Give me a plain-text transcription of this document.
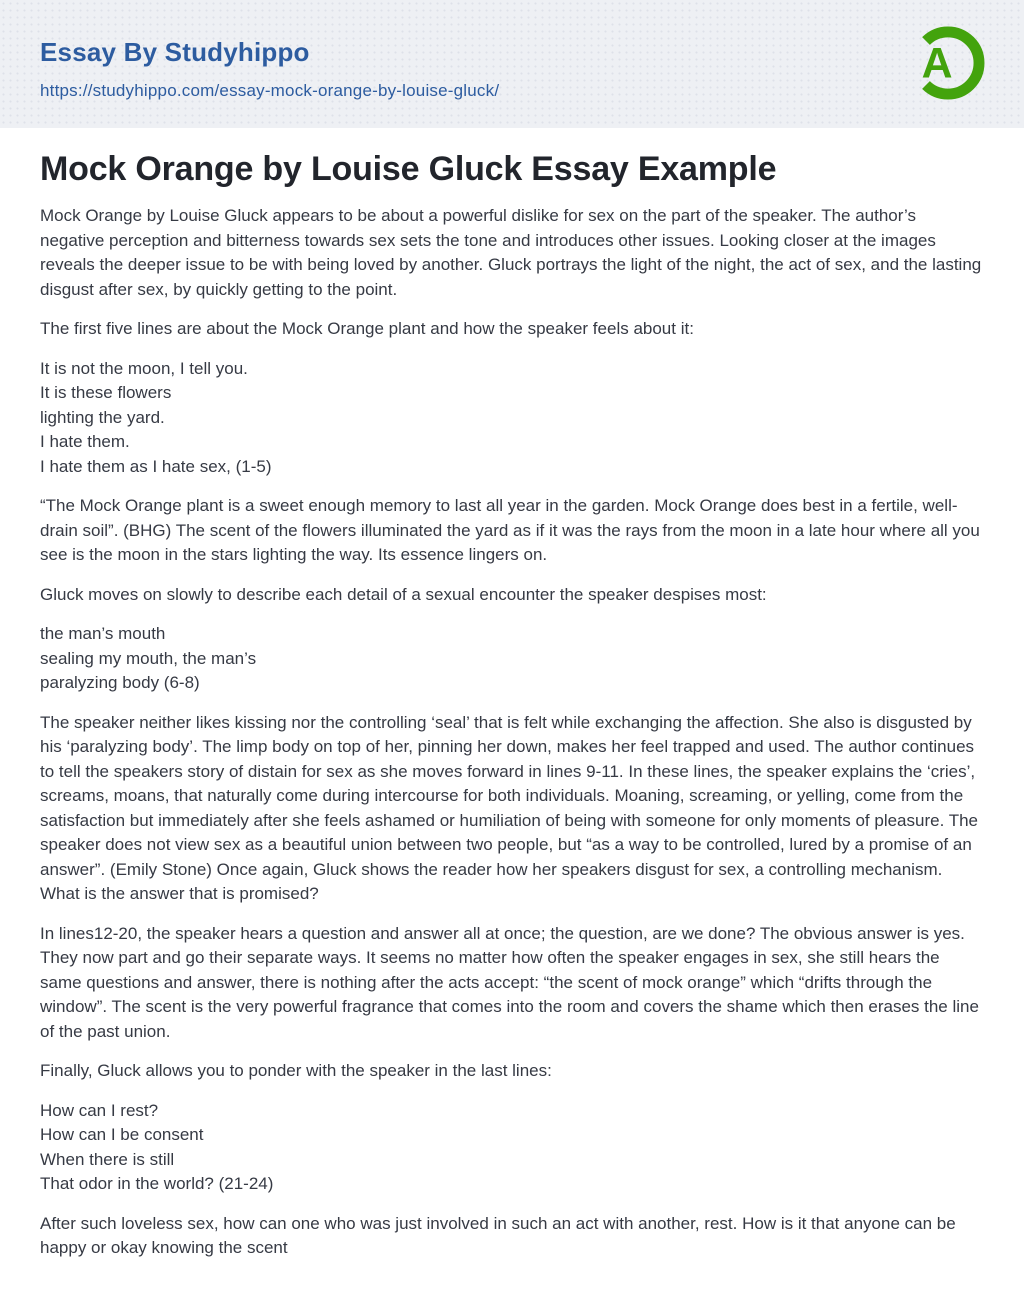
Essay By Studyhippo
https://studyhippo.com/essay-mock-orange-by-louise-gluck/
A
Mock Orange by Louise Gluck Essay Example

Mock Orange by Louise Gluck appears to be about a powerful dislike for sex on the part of the speaker. The author’s negative perception and bitterness towards sex sets the tone and introduces other issues. Looking closer at the images reveals the deeper issue to be with being loved by another. Gluck portrays the light of the night, the act of sex, and the lasting disgust after sex, by quickly getting to the point.

The first five lines are about the Mock Orange plant and how the speaker feels about it:

It is not the moon, I tell you.
It is these flowers
lighting the yard.
I hate them.
I hate them as I hate sex, (1-5)

“The Mock Orange plant is a sweet enough memory to last all year in the garden. Mock Orange does best in a fertile, well-drain soil”. (BHG) The scent of the flowers illuminated the yard as if it was the rays from the moon in a late hour where all you see is the moon in the stars lighting the way. Its essence lingers on.

Gluck moves on slowly to describe each detail of a sexual encounter the speaker despises most:

the man’s mouth
sealing my mouth, the man’s
paralyzing body (6-8)

The speaker neither likes kissing nor the controlling ‘seal’ that is felt while exchanging the affection. She also is disgusted by his ‘paralyzing body’. The limp body on top of her, pinning her down, makes her feel trapped and used. The author continues to tell the speakers story of distain for sex as she moves forward in lines 9-11. In these lines, the speaker explains the ‘cries’, screams, moans, that naturally come during intercourse for both individuals. Moaning, screaming, or yelling, come from the satisfaction but immediately after she feels ashamed or humiliation of being with someone for only moments of pleasure. The speaker does not view sex as a beautiful union between two people, but “as a way to be controlled, lured by a promise of an answer”. (Emily Stone) Once again, Gluck shows the reader how her speakers disgust for sex, a controlling mechanism. What is the answer that is promised?

In lines12-20, the speaker hears a question and answer all at once; the question, are we done? The obvious answer is yes. They now part and go their separate ways. It seems no matter how often the speaker engages in sex, she still hears the same questions and answer, there is nothing after the acts accept: “the scent of mock orange” which “drifts through the window”. The scent is the very powerful fragrance that comes into the room and covers the shame which then erases the line of the past union.

Finally, Gluck allows you to ponder with the speaker in the last lines:

How can I rest?
How can I be consent
When there is still
That odor in the world? (21-24)

After such loveless sex, how can one who was just involved in such an act with another, rest. How is it that anyone can be happy or okay knowing the scent
